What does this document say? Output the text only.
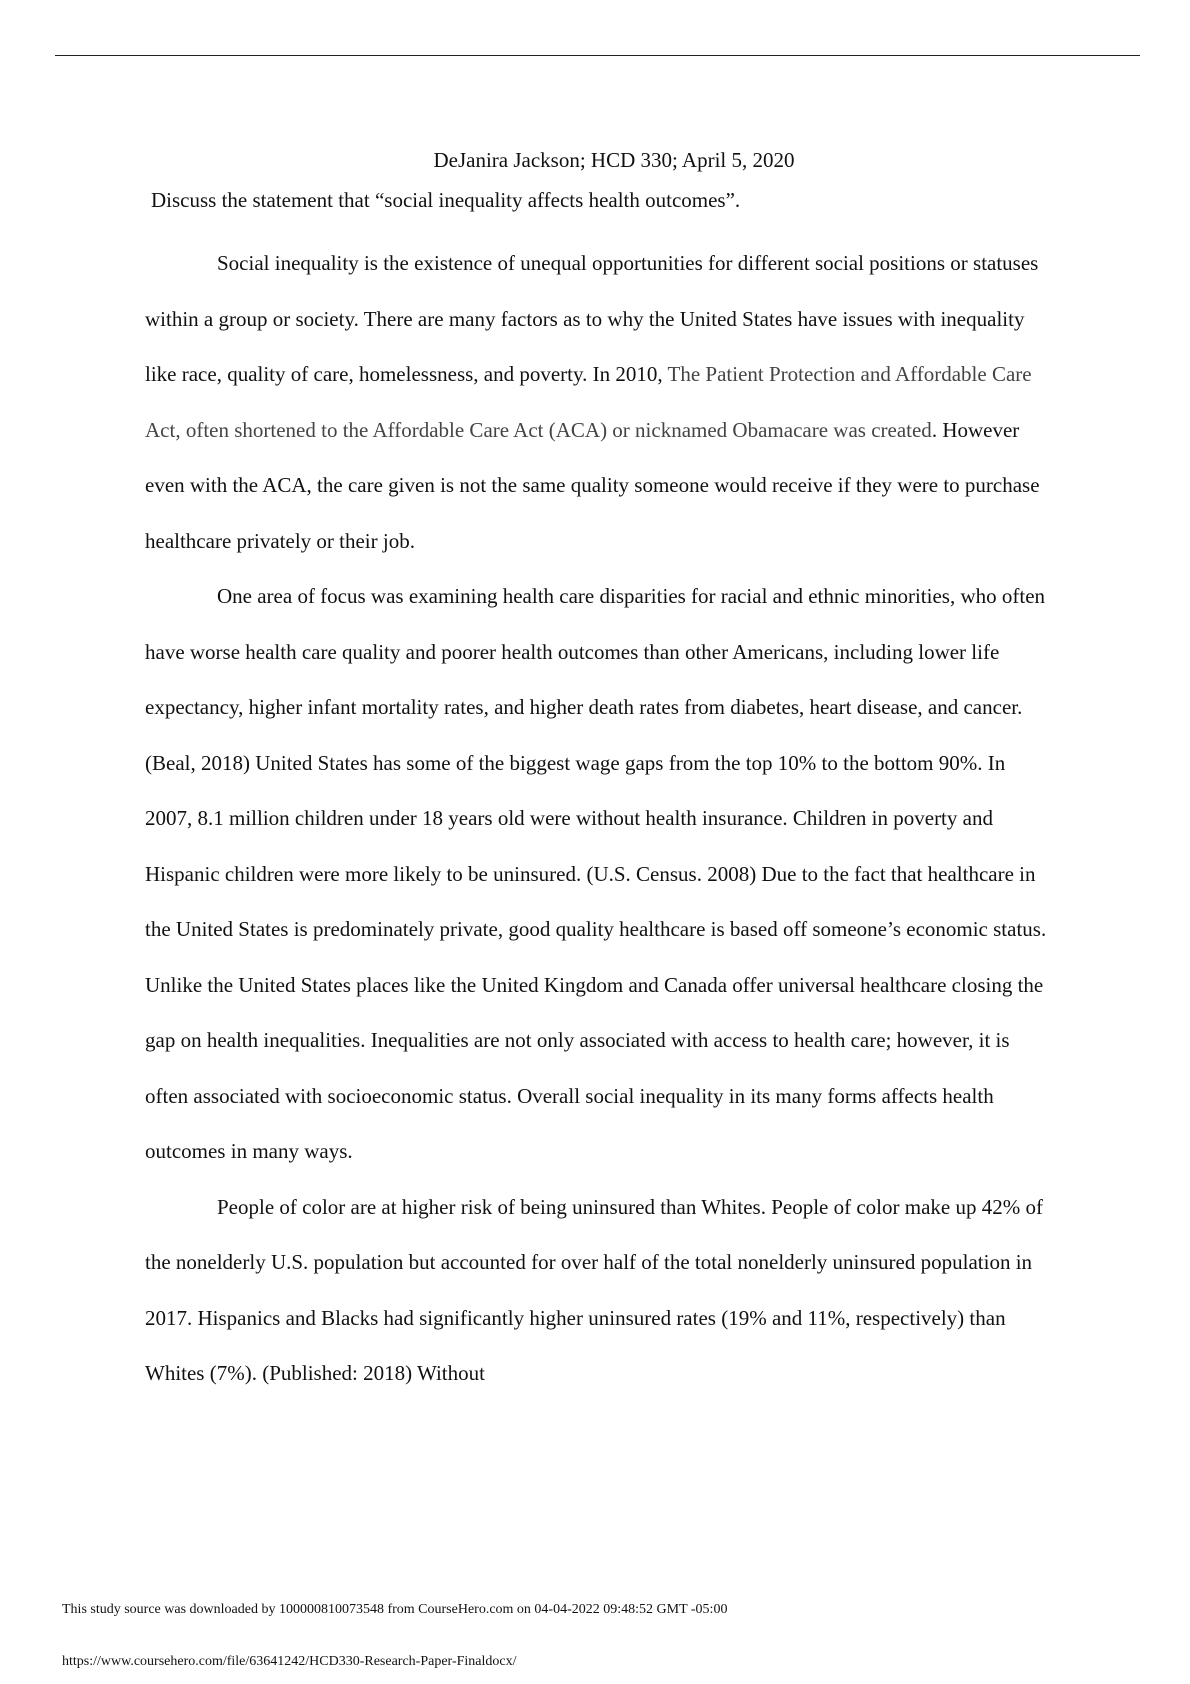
DeJanira Jackson; HCD 330; April 5, 2020

Discuss the statement that “social inequality affects health outcomes”.

Social inequality is the existence of unequal opportunities for different social positions or statuses within a group or society. There are many factors as to why the United States have issues with inequality like race, quality of care, homelessness, and poverty. In 2010, The Patient Protection and Affordable Care Act, often shortened to the Affordable Care Act (ACA) or nicknamed Obamacare was created. However even with the ACA, the care given is not the same quality someone would receive if they were to purchase healthcare privately or their job.

One area of focus was examining health care disparities for racial and ethnic minorities, who often have worse health care quality and poorer health outcomes than other Americans, including lower life expectancy, higher infant mortality rates, and higher death rates from diabetes, heart disease, and cancer. (Beal, 2018) United States has some of the biggest wage gaps from the top 10% to the bottom 90%. In 2007, 8.1 million children under 18 years old were without health insurance. Children in poverty and Hispanic children were more likely to be uninsured. (U.S. Census. 2008) Due to the fact that healthcare in the United States is predominately private, good quality healthcare is based off someone’s economic status. Unlike the United States places like the United Kingdom and Canada offer universal healthcare closing the gap on health inequalities. Inequalities are not only associated with access to health care; however, it is often associated with socioeconomic status. Overall social inequality in its many forms affects health outcomes in many ways.

People of color are at higher risk of being uninsured than Whites. People of color make up 42% of the nonelderly U.S. population but accounted for over half of the total nonelderly uninsured population in 2017. Hispanics and Blacks had significantly higher uninsured rates (19% and 11%, respectively) than Whites (7%). (Published: 2018) Without

This study source was downloaded by 100000810073548 from CourseHero.com on 04-04-2022 09:48:52 GMT -05:00
https://www.coursehero.com/file/63641242/HCD330-Research-Paper-Finaldocx/
